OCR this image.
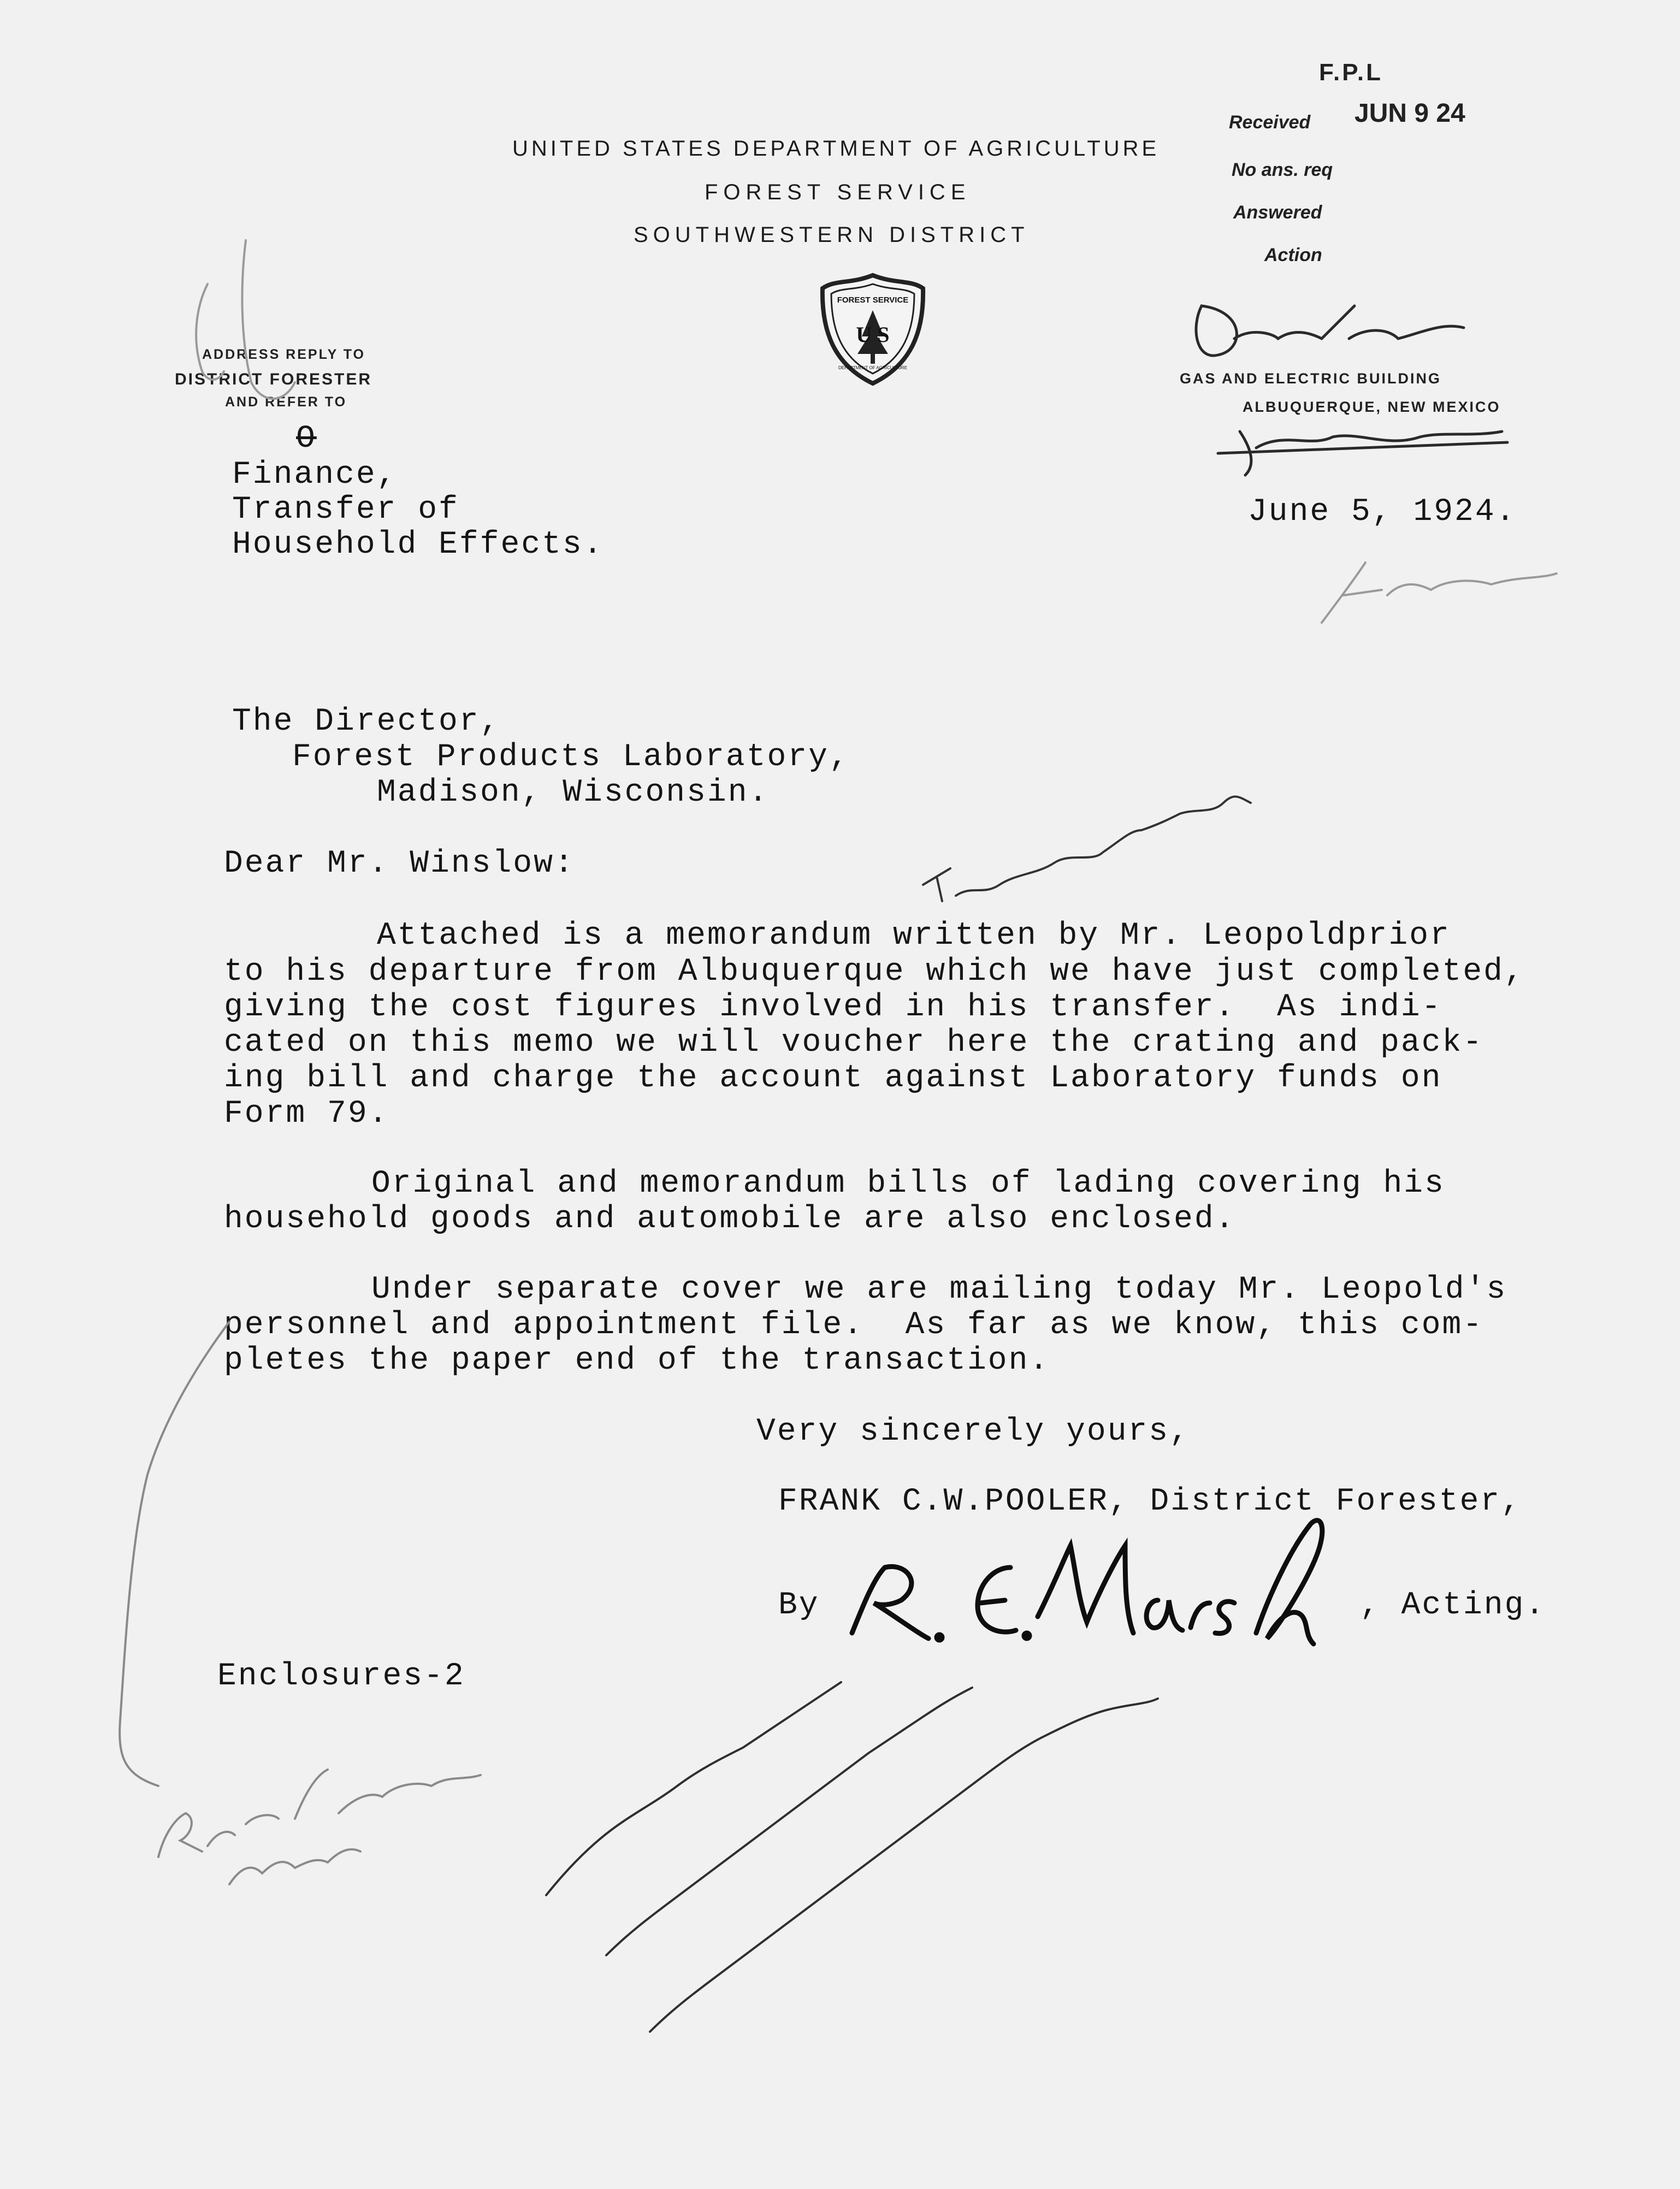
UNITED STATES DEPARTMENT OF AGRICULTURE
FOREST SERVICE
SOUTHWESTERN DISTRICT

FOREST SERVICE
U S
DEPARTMENT OF AGRICULTURE

ADDRESS REPLY TO
DISTRICT FORESTER
AND REFER TO
GAS AND ELECTRIC BUILDING
ALBUQUERQUE, NEW MEXICO
F.P.L
Received JUN 9 24
No ans. req
Answered
Action
O
Finance,
Transfer of
Household Effects.
June 5, 1924.
The Director,
Forest Products Laboratory,
Madison, Wisconsin.
Dear Mr. Winslow:
Attached is a memorandum written by Mr. Leopoldprior
to his departure from Albuquerque which we have just completed,
giving the cost figures involved in his transfer.  As indi-
cated on this memo we will voucher here the crating and pack-
ing bill and charge the account against Laboratory funds on
Form 79.
Original and memorandum bills of lading covering his
household goods and automobile are also enclosed.
Under separate cover we are mailing today Mr. Leopold's
personnel and appointment file.  As far as we know, this com-
pletes the paper end of the transaction.
Very sincerely yours,
FRANK C.W.POOLER, District Forester,
By	, Acting.
Enclosures-2
